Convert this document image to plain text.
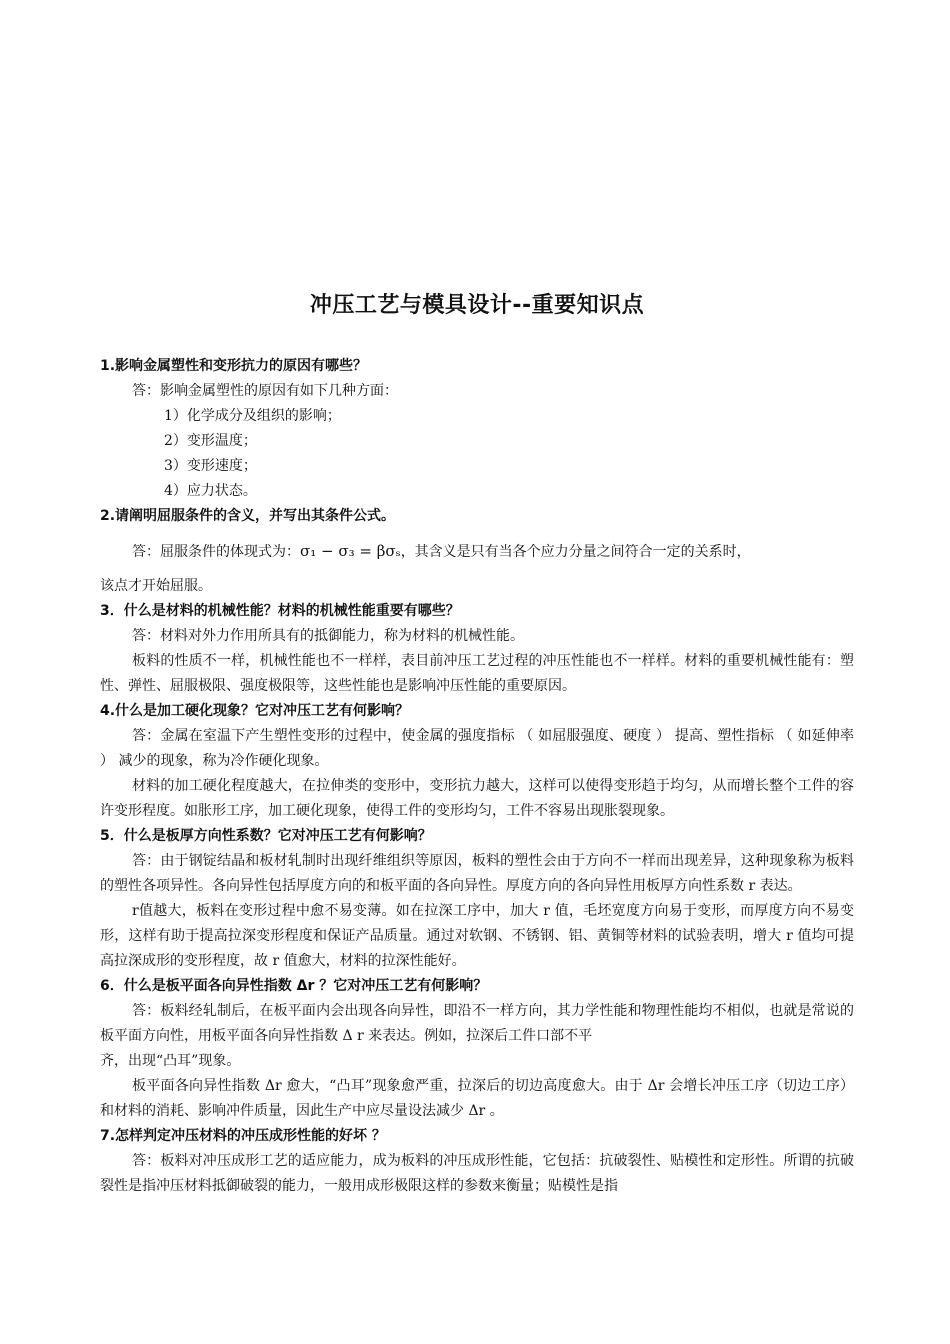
冲压工艺与模具设计--重要知识点

1.影响金属塑性和变形抗力的原因有哪些？

答：影响金属塑性的原因有如下几种方面：

1）化学成分及组织的影响；

2）变形温度；

3）变形速度；

4）应力状态。

2.请阐明屈服条件的含义，并写出其条件公式。

答：屈服条件的体现式为：σ₁ − σ₃ = βσₛ，其含义是只有当各个应力分量之间符合一定的关系时，

该点才开始屈服。

3．什么是材料的机械性能？材料的机械性能重要有哪些？

答：材料对外力作用所具有的抵御能力，称为材料的机械性能。

板料的性质不一样，机械性能也不一样样，表目前冲压工艺过程的冲压性能也不一样样。材料的重要机械性能有：塑性、弹性、屈服极限、强度极限等，这些性能也是影响冲压性能的重要原因。

4.什么是加工硬化现象？它对冲压工艺有何影响？

答：金属在室温下产生塑性变形的过程中，使金属的强度指标 （ 如屈服强度、硬度 ） 提高、塑性指标 （ 如延伸率 ） 减少的现象，称为冷作硬化现象。

材料的加工硬化程度越大，在拉伸类的变形中，变形抗力越大，这样可以使得变形趋于均匀，从而增长整个工件的容许变形程度。如胀形工序，加工硬化现象，使得工件的变形均匀，工件不容易出现胀裂现象。

5．什么是板厚方向性系数？它对冲压工艺有何影响？

答：由于钢锭结晶和板材轧制时出现纤维组织等原因，板料的塑性会由于方向不一样而出现差异，这种现象称为板料的塑性各项异性。各向异性包括厚度方向的和板平面的各向异性。厚度方向的各向异性用板厚方向性系数 r 表达。

r值越大，板料在变形过程中愈不易变薄。如在拉深工序中，加大 r 值，毛坯宽度方向易于变形，而厚度方向不易变形，这样有助于提高拉深变形程度和保证产品质量。通过对软钢、不锈钢、铝、黄铜等材料的试验表明，增大 r 值均可提高拉深成形的变形程度，故 r 值愈大，材料的拉深性能好。

6．什么是板平面各向异性指数 Δr ？它对冲压工艺有何影响？

答：板料经轧制后，在板平面内会出现各向异性，即沿不一样方向，其力学性能和物理性能均不相似，也就是常说的板平面方向性，用板平面各向异性指数 Δ r 来表达。例如，拉深后工件口部不平

齐，出现“凸耳”现象。

板平面各向异性指数 Δr 愈大，“凸耳”现象愈严重，拉深后的切边高度愈大。由于 Δr 会增长冲压工序（切边工序）和材料的消耗、影响冲件质量，因此生产中应尽量设法减少 Δr 。

7.怎样判定冲压材料的冲压成形性能的好坏 ？

答：板料对冲压成形工艺的适应能力，成为板料的冲压成形性能，它包括：抗破裂性、贴模性和定形性。所谓的抗破裂性是指冲压材料抵御破裂的能力，一般用成形极限这样的参数来衡量；贴模性是指
